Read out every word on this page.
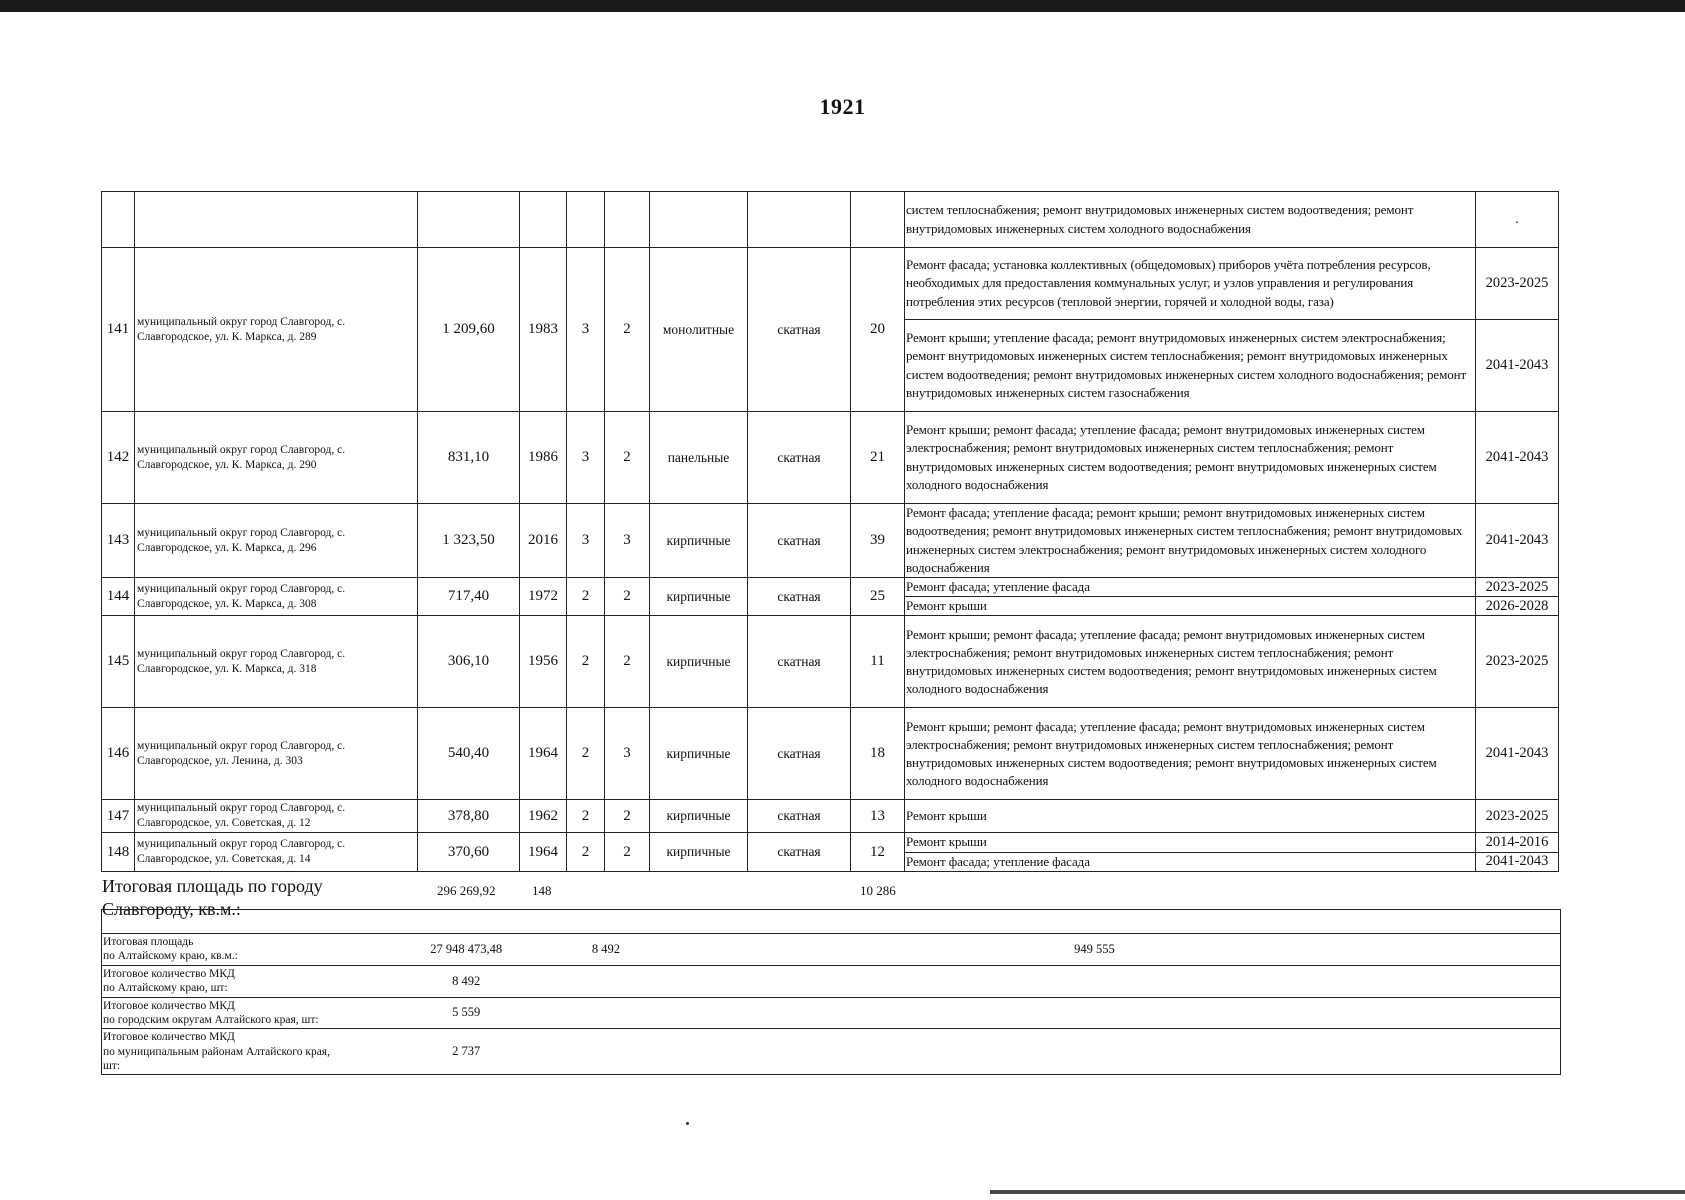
1921
									систем теплоснабжения; ремонт внутридомовых инженерных систем водоотведения; ремонт внутридомовых инженерных систем холодного водоснабжения	.
141	муниципальный округ город Славгород, с. Славгородское, ул. К. Маркса, д. 289	1 209,60	1983	3	2	монолитные	скатная	20	Ремонт фасада; установка коллективных (общедомовых) приборов учёта потребления ресурсов, необходимых для предоставления коммунальных услуг, и узлов управления и регулирования потребления этих ресурсов (тепловой энергии, горячей и холодной воды, газа)	2023-2025
									Ремонт крыши; утепление фасада; ремонт внутридомовых инженерных систем электроснабжения; ремонт внутридомовых инженерных систем теплоснабжения; ремонт внутридомовых инженерных систем водоотведения; ремонт внутридомовых инженерных систем холодного водоснабжения; ремонт внутридомовых инженерных систем газоснабжения	2041-2043
142	муниципальный округ город Славгород, с. Славгородское, ул. К. Маркса, д. 290	831,10	1986	3	2	панельные	скатная	21	Ремонт крыши; ремонт фасада; утепление фасада; ремонт внутридомовых инженерных систем электроснабжения; ремонт внутридомовых инженерных систем теплоснабжения; ремонт внутридомовых инженерных систем водоотведения; ремонт внутридомовых инженерных систем холодного водоснабжения	2041-2043
143	муниципальный округ город Славгород, с. Славгородское, ул. К. Маркса, д. 296	1 323,50	2016	3	3	кирпичные	скатная	39	Ремонт фасада; утепление фасада; ремонт крыши; ремонт внутридомовых инженерных систем водоотведения; ремонт внутридомовых инженерных систем теплоснабжения; ремонт внутридомовых инженерных систем электроснабжения; ремонт внутридомовых инженерных систем холодного водоснабжения	2041-2043
144	муниципальный округ город Славгород, с. Славгородское, ул. К. Маркса, д. 308	717,40	1972	2	2	кирпичные	скатная	25	Ремонт фасада; утепление фасада	2023-2025
									Ремонт крыши	2026-2028
145	муниципальный округ город Славгород, с. Славгородское, ул. К. Маркса, д. 318	306,10	1956	2	2	кирпичные	скатная	11	Ремонт крыши; ремонт фасада; утепление фасада; ремонт внутридомовых инженерных систем электроснабжения; ремонт внутридомовых инженерных систем теплоснабжения; ремонт внутридомовых инженерных систем водоотведения; ремонт внутридомовых инженерных систем холодного водоснабжения	2023-2025
146	муниципальный округ город Славгород, с. Славгородское, ул. Ленина, д. 303	540,40	1964	2	3	кирпичные	скатная	18	Ремонт крыши; ремонт фасада; утепление фасада; ремонт внутридомовых инженерных систем электроснабжения; ремонт внутридомовых инженерных систем теплоснабжения; ремонт внутридомовых инженерных систем водоотведения; ремонт внутридомовых инженерных систем холодного водоснабжения	2041-2043
147	муниципальный округ город Славгород, с. Славгородское, ул. Советская, д. 12	378,80	1962	2	2	кирпичные	скатная	13	Ремонт крыши	2023-2025
148	муниципальный округ город Славгород, с. Славгородское, ул. Советская, д. 14	370,60	1964	2	2	кирпичные	скатная	12	Ремонт крыши	2014-2016
									Ремонт фасада; утепление фасада	2041-2043
Итоговая площадь по городу Славгороду, кв.м.:
296 269,92	148	10 286

Итоговая площадь
по Алтайскому краю, кв.м.:	27 948 473,48	8 492		949 555	

Итоговое количество МКД
по Алтайскому краю, шт:	8 492				

Итоговое количество МКД
по городским округам Алтайского края, шт:	5 559				

Итоговое количество МКД
по муниципальным районам Алтайского края, шт:	2 737				
